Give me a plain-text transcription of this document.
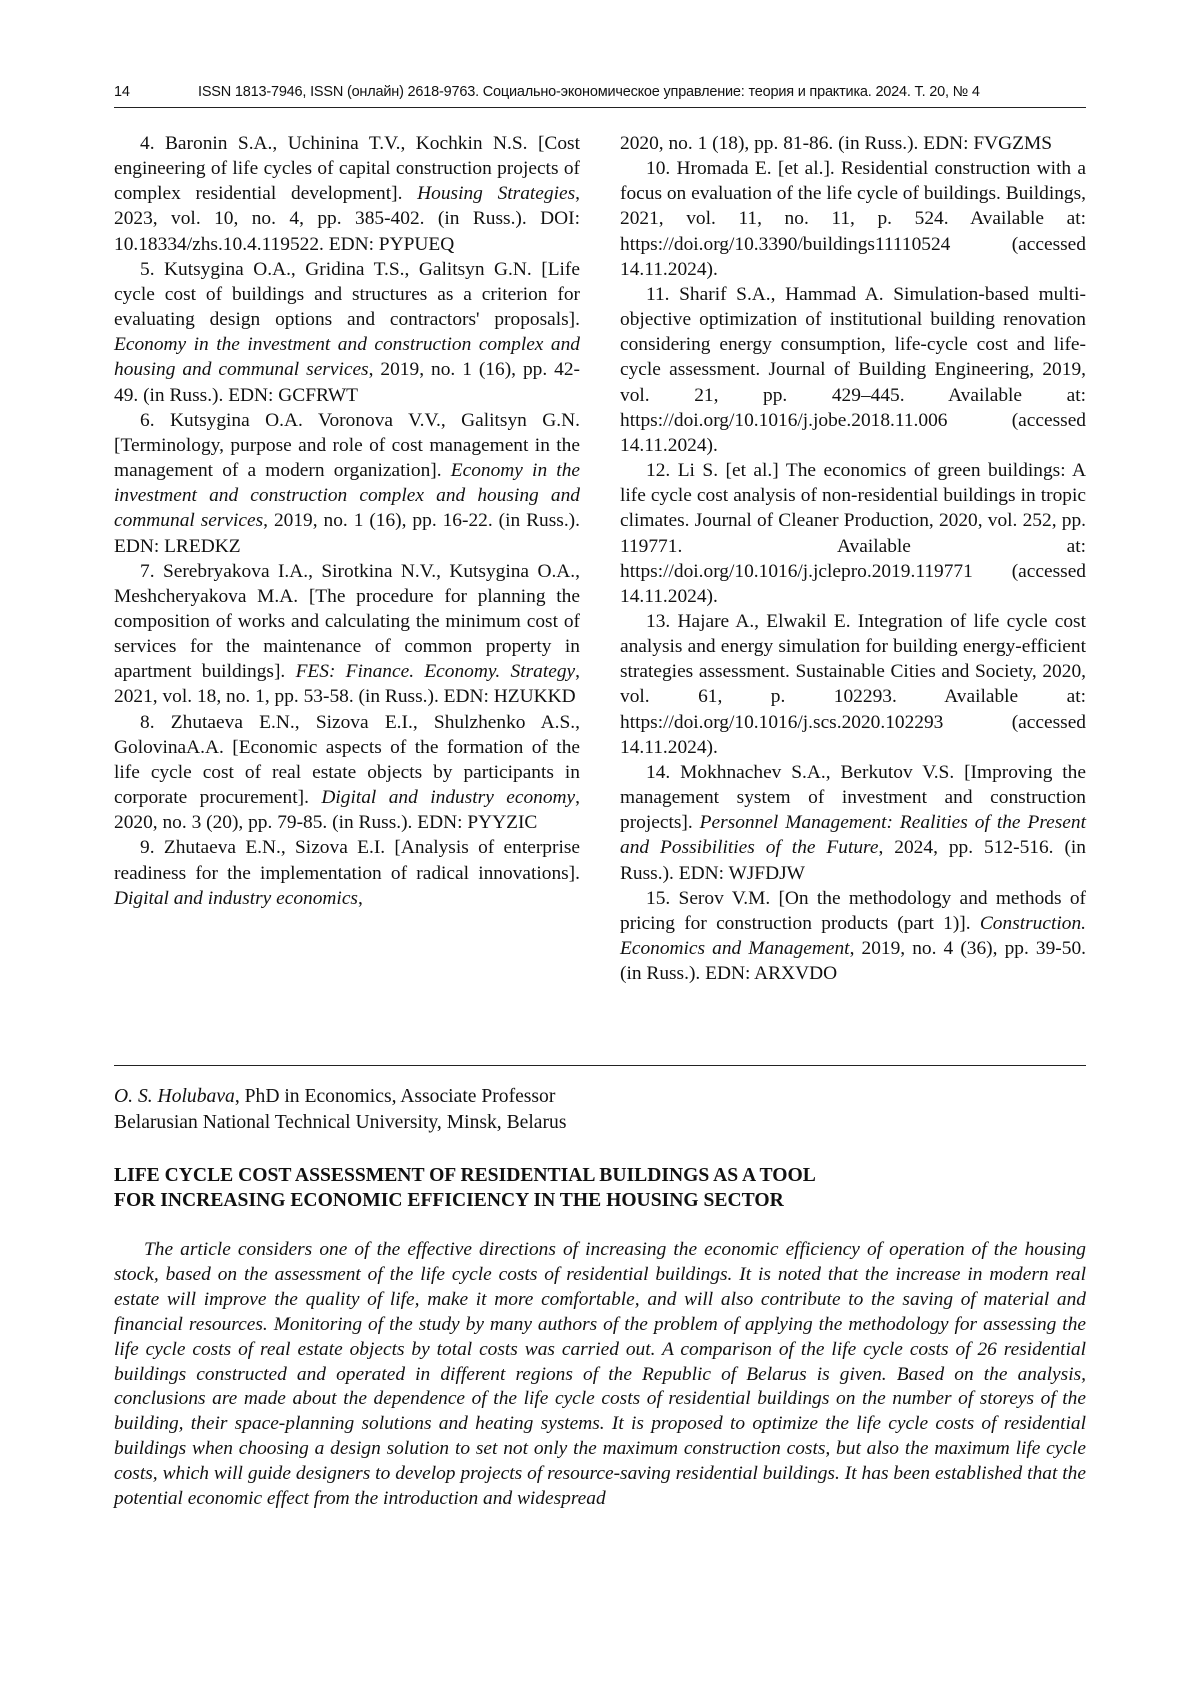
14	ISSN 1813-7946, ISSN (онлайн) 2618-9763. Социально-экономическое управление: теория и практика. 2024. Т. 20, № 4

4. Baronin S.A., Uchinina T.V., Kochkin N.S. [Cost engineering of life cycles of capital construction projects of complex residential development]. Housing Strategies, 2023, vol. 10, no. 4, pp. 385-402. (in Russ.). DOI: 10.18334/zhs.10.4.119522. EDN: PYPUEQ

5. Kutsygina O.A., Gridina T.S., Galitsyn G.N. [Life cycle cost of buildings and structures as a criterion for evaluating design options and contractors' proposals]. Economy in the investment and construction complex and housing and communal services, 2019, no. 1 (16), pp. 42-49. (in Russ.). EDN: GCFRWT

6. Kutsygina O.A. Voronova V.V., Galitsyn G.N. [Terminology, purpose and role of cost management in the management of a modern organization]. Economy in the investment and construction complex and housing and communal services, 2019, no. 1 (16), pp. 16-22. (in Russ.). EDN: LREDKZ

7. Serebryakova I.A., Sirotkina N.V., Kutsygina O.A., Meshcheryakova M.A. [The procedure for planning the composition of works and calculating the minimum cost of services for the maintenance of common property in apartment buildings]. FES: Finance. Economy. Strategy, 2021, vol. 18, no. 1, pp. 53-58. (in Russ.). EDN: HZUKKD

8. Zhutaeva E.N., Sizova E.I., Shulzhenko A.S., GolovinaA.A. [Economic aspects of the formation of the life cycle cost of real estate objects by participants in corporate procurement]. Digital and industry economy, 2020, no. 3 (20), pp. 79-85. (in Russ.). EDN: PYYZIC

9. Zhutaeva E.N., Sizova E.I. [Analysis of enterprise readiness for the implementation of radical innovations]. Digital and industry economics,

2020, no. 1 (18), pp. 81-86. (in Russ.). EDN: FVGZMS

10. Hromada E. [et al.]. Residential construction with a focus on evaluation of the life cycle of buildings. Buildings, 2021, vol. 11, no. 11, p. 524. Available at: https://doi.org/10.3390/buildings11110524 (accessed 14.11.2024).

11. Sharif S.A., Hammad A. Simulation-based multi-objective optimization of institutional building renovation considering energy consumption, life-cycle cost and life-cycle assessment. Journal of Building Engineering, 2019, vol. 21, pp. 429–445. Available at: https://doi.org/10.1016/j.jobe.2018.11.006 (accessed 14.11.2024).

12. Li S. [et al.] The economics of green buildings: A life cycle cost analysis of non-residential buildings in tropic climates. Journal of Cleaner Production, 2020, vol. 252, pp. 119771. Available at: https://doi.org/10.1016/j.jclepro.2019.119771 (accessed 14.11.2024).

13. Hajare A., Elwakil E. Integration of life cycle cost analysis and energy simulation for building energy-efficient strategies assessment. Sustainable Cities and Society, 2020, vol. 61, p. 102293. Available at: https://doi.org/10.1016/j.scs.2020.102293 (accessed 14.11.2024).

14. Mokhnachev S.A., Berkutov V.S. [Improving the management system of investment and construction projects]. Personnel Management: Realities of the Present and Possibilities of the Future, 2024, pp. 512-516. (in Russ.). EDN: WJFDJW

15. Serov V.M. [On the methodology and methods of pricing for construction products (part 1)]. Construction. Economics and Management, 2019, no. 4 (36), pp. 39-50. (in Russ.). EDN: ARXVDO

O. S. Holubava, PhD in Economics, Associate Professor
Belarusian National Technical University, Minsk, Belarus
LIFE CYCLE COST ASSESSMENT OF RESIDENTIAL BUILDINGS AS A TOOL
FOR INCREASING ECONOMIC EFFICIENCY IN THE HOUSING SECTOR

The article considers one of the effective directions of increasing the economic efficiency of operation of the housing stock, based on the assessment of the life cycle costs of residential buildings. It is noted that the increase in modern real estate will improve the quality of life, make it more comfortable, and will also contribute to the saving of material and financial resources. Monitoring of the study by many authors of the problem of applying the methodology for assessing the life cycle costs of real estate objects by total costs was carried out. A comparison of the life cycle costs of 26 residential buildings constructed and operated in different regions of the Republic of Belarus is given. Based on the analysis, conclusions are made about the dependence of the life cycle costs of residential buildings on the number of storeys of the building, their space-planning solutions and heating systems. It is proposed to optimize the life cycle costs of residential buildings when choosing a design solution to set not only the maximum construction costs, but also the maximum life cycle costs, which will guide designers to develop projects of resource-saving residential buildings. It has been established that the potential economic effect from the introduction and widespread
